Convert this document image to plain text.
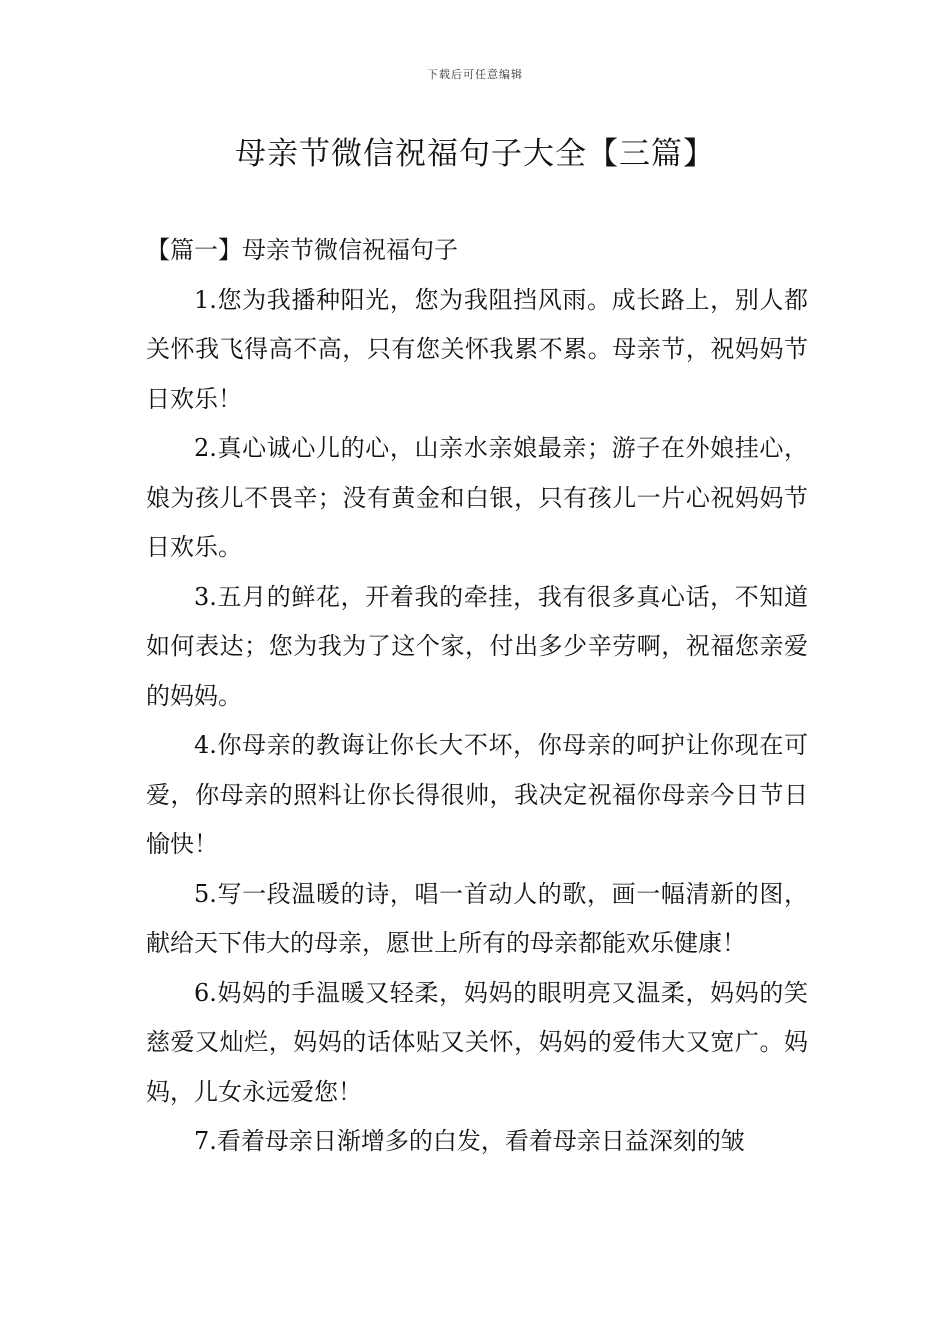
下载后可任意编辑
母亲节微信祝福句子大全【三篇】

【篇一】母亲节微信祝福句子

1.您为我播种阳光，您为我阻挡风雨。成长路上，别人都关怀我飞得高不高，只有您关怀我累不累。母亲节，祝妈妈节日欢乐！

2.真心诚心儿的心，山亲水亲娘最亲；游子在外娘挂心，娘为孩儿不畏辛；没有黄金和白银，只有孩儿一片心祝妈妈节日欢乐。

3.五月的鲜花，开着我的牵挂，我有很多真心话，不知道如何表达；您为我为了这个家，付出多少辛劳啊，祝福您亲爱的妈妈。

4.你母亲的教诲让你长大不坏，你母亲的呵护让你现在可爱，你母亲的照料让你长得很帅，我决定祝福你母亲今日节日愉快！

5.写一段温暖的诗，唱一首动人的歌，画一幅清新的图，献给天下伟大的母亲，愿世上所有的母亲都能欢乐健康！

6.妈妈的手温暖又轻柔，妈妈的眼明亮又温柔，妈妈的笑慈爱又灿烂，妈妈的话体贴又关怀，妈妈的爱伟大又宽广。妈妈，儿女永远爱您！

7.看着母亲日渐增多的白发，看着母亲日益深刻的皱
